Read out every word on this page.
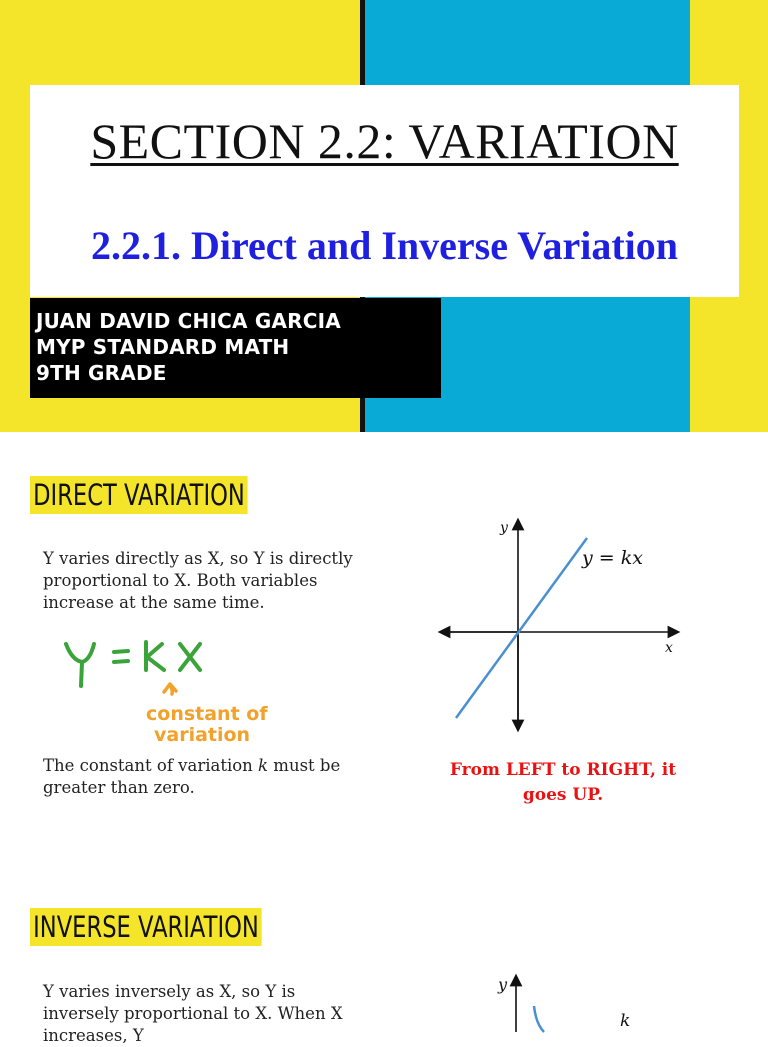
SECTION 2.2: VARIATION
2.2.1. Direct and Inverse Variation
JUAN DAVID CHICA GARCIA
MYP STANDARD MATH
9TH GRADE
DIRECT VARIATION
Y varies directly as X, so Y is directly proportional to X. Both variables increase at the same time.
constant of
variation
y
x
y = kx
The constant of variation k must be greater than zero.
From LEFT to RIGHT, it goes UP.
INVERSE VARIATION
Y varies inversely as X, so Y is inversely proportional to X. When X increases, Y
y
k
